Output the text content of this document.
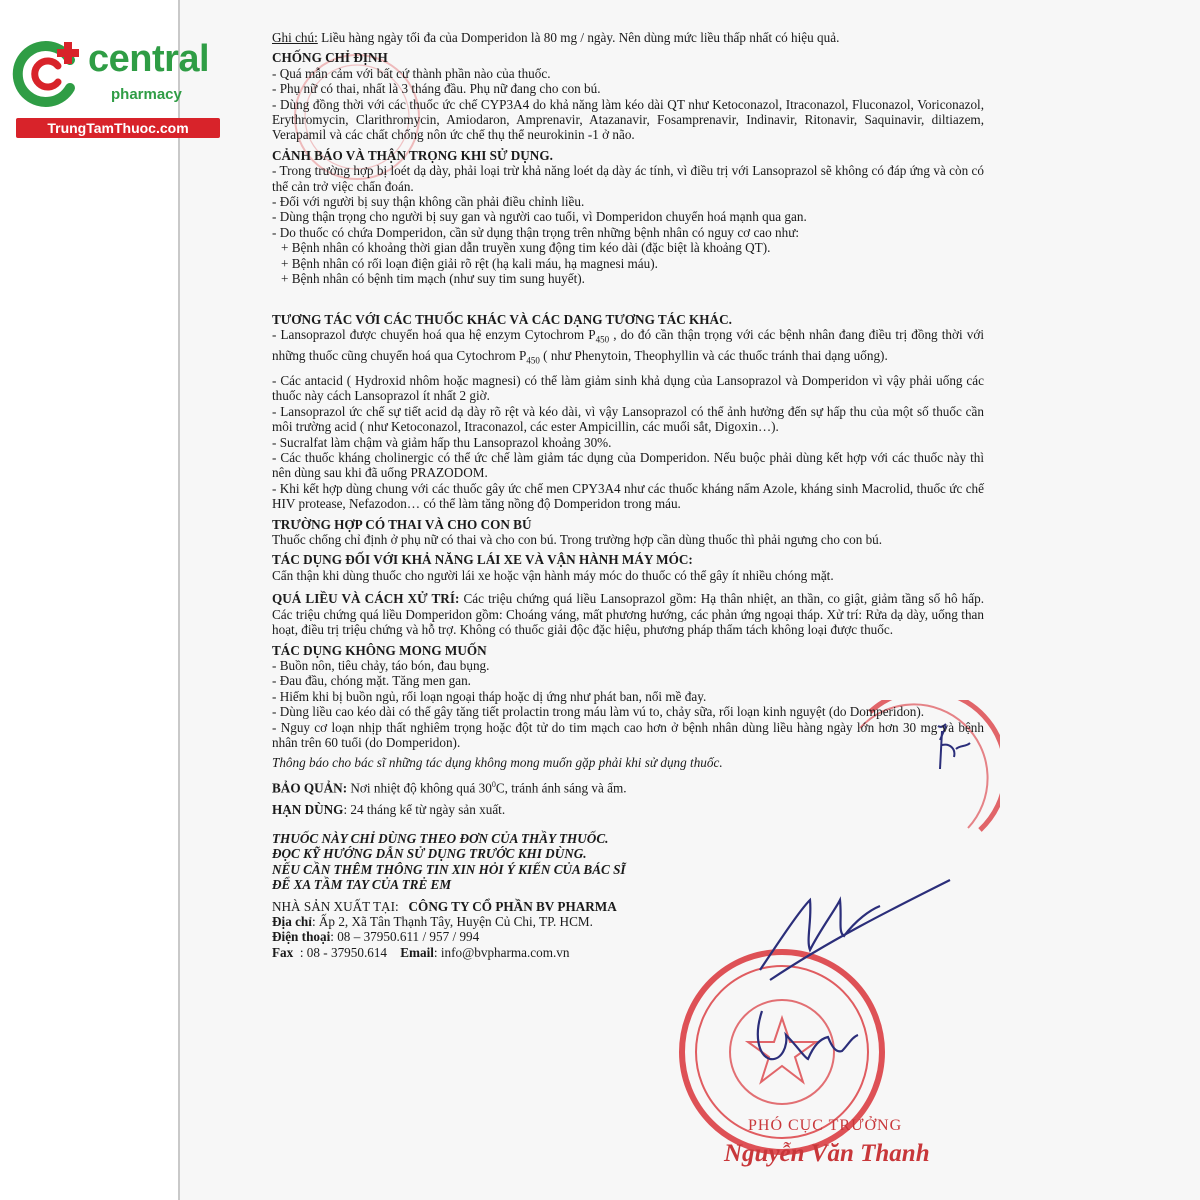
central
pharmacy
TrungTamThuoc.com
PHÓ CỤC TRƯỞNG
Nguyễn Văn Thanh

Ghi chú: Liều hàng ngày tối đa của Domperidon là 80 mg / ngày. Nên dùng mức liều thấp nhất có hiệu quả.

CHỐNG CHỈ ĐỊNH

- Quá mẫn cảm với bất cứ thành phần nào của thuốc.

- Phụ nữ có thai, nhất là 3 tháng đầu. Phụ nữ đang cho con bú.

- Dùng đồng thời với các thuốc ức chế CYP3A4 do khả năng làm kéo dài QT như Ketoconazol, Itraconazol, Fluconazol, Voriconazol, Erythromycin, Clarithromycin, Amiodaron, Amprenavir, Atazanavir, Fosamprenavir, Indinavir, Ritonavir, Saquinavir, diltiazem, Verapamil và các chất chống nôn ức chế thụ thể neurokinin -1 ở não.

CẢNH BÁO VÀ THẬN TRỌNG KHI SỬ DỤNG.

- Trong trường hợp bị loét dạ dày, phải loại trừ khả năng loét dạ dày ác tính, vì điều trị với Lansoprazol sẽ không có đáp ứng và còn có thể cản trở việc chẩn đoán.

- Đối với người bị suy thận không cần phải điều chỉnh liều.

- Dùng thận trọng cho người bị suy gan và người cao tuổi, vì Domperidon chuyển hoá mạnh qua gan.

- Do thuốc có chứa Domperidon, cần sử dụng thận trọng trên những bệnh nhân có nguy cơ cao như:

+ Bệnh nhân có khoảng thời gian dẫn truyền xung động tim kéo dài (đặc biệt là khoảng QT).

+ Bệnh nhân có rối loạn điện giải rõ rệt (hạ kali máu, hạ magnesi máu).

+ Bệnh nhân có bệnh tim mạch (như suy tim sung huyết).

TƯƠNG TÁC VỚI CÁC THUỐC KHÁC VÀ CÁC DẠNG TƯƠNG TÁC KHÁC.

- Lansoprazol được chuyển hoá qua hệ enzym Cytochrom $P_{450}$ , do đó cần thận trọng với các bệnh nhân đang điều trị đồng thời với những thuốc cũng chuyển hoá qua Cytochrom $P_{450}$ ( như Phenytoin, Theophyllin và các thuốc tránh thai dạng uống).

- Các antacid ( Hydroxid nhôm hoặc magnesi) có thể làm giảm sinh khả dụng của Lansoprazol và Domperidon vì vậy phải uống các thuốc này cách Lansoprazol ít nhất 2 giờ.

- Lansoprazol ức chế sự tiết acid dạ dày rõ rệt và kéo dài, vì vậy Lansoprazol có thể ảnh hưởng đến sự hấp thu của một số thuốc cần môi trường acid ( như Ketoconazol, Itraconazol, các ester Ampicillin, các muối sắt, Digoxin…).

- Sucralfat làm chậm và giảm hấp thu Lansoprazol khoảng 30%.

- Các thuốc kháng cholinergic có thể ức chế làm giảm tác dụng của Domperidon. Nếu buộc phải dùng kết hợp với các thuốc này thì nên dùng sau khi đã uống PRAZODOM.

- Khi kết hợp dùng chung với các thuốc gây ức chế men CPY3A4 như các thuốc kháng nấm Azole, kháng sinh Macrolid, thuốc ức chế HIV protease, Nefazodon… có thể làm tăng nồng độ Domperidon trong máu.

TRƯỜNG HỢP CÓ THAI VÀ CHO CON BÚ

Thuốc chống chỉ định ở phụ nữ có thai và cho con bú. Trong trường hợp cần dùng thuốc thì phải ngưng cho con bú.

TÁC DỤNG ĐỐI VỚI KHẢ NĂNG LÁI XE VÀ VẬN HÀNH MÁY MÓC:

Cẩn thận khi dùng thuốc cho người lái xe hoặc vận hành máy móc do thuốc có thể gây ít nhiều chóng mặt.

QUÁ LIỀU VÀ CÁCH XỬ TRÍ: Các triệu chứng quá liều Lansoprazol gồm: Hạ thân nhiệt, an thần, co giật, giảm tầng số hô hấp. Các triệu chứng quá liều Domperidon gồm: Choáng váng, mất phương hướng, các phản ứng ngoại tháp. Xử trí: Rửa dạ dày, uống than hoạt, điều trị triệu chứng và hỗ trợ. Không có thuốc giải độc đặc hiệu, phương pháp thẩm tách không loại được thuốc.

TÁC DỤNG KHÔNG MONG MUỐN

- Buồn nôn, tiêu chảy, táo bón, đau bụng.

- Đau đầu, chóng mặt. Tăng men gan.

- Hiếm khi bị buồn ngủ, rối loạn ngoại tháp hoặc dị ứng như phát ban, nổi mề đay.

- Dùng liều cao kéo dài có thể gây tăng tiết prolactin trong máu làm vú to, chảy sữa, rối loạn kinh nguyệt (do Domperidon).

- Nguy cơ loạn nhịp thất nghiêm trọng hoặc đột tử do tim mạch cao hơn ở bệnh nhân dùng liều hàng ngày lớn hơn 30 mg và bệnh nhân trên 60 tuổi (do Domperidon).

Thông báo cho bác sĩ những tác dụng không mong muốn gặp phải khi sử dụng thuốc.

BẢO QUẢN: Nơi nhiệt độ không quá $30^0C$, tránh ánh sáng và ẩm.

HẠN DÙNG: 24 tháng kể từ ngày sản xuất.

THUỐC NÀY CHỈ DÙNG THEO ĐƠN CỦA THẦY THUỐC.

ĐỌC KỸ HƯỚNG DẪN SỬ DỤNG TRƯỚC KHI DÙNG.

NẾU CẦN THÊM THÔNG TIN XIN HỎI Ý KIẾN CỦA BÁC SĨ

ĐỂ XA TẦM TAY CỦA TRẺ EM

NHÀ SẢN XUẤT TẠI: CÔNG TY CỔ PHẦN BV PHARMA

Địa chỉ: Ấp 2, Xã Tân Thạnh Tây, Huyện Củ Chi, TP. HCM.

Điện thoại: 08 – 37950.611 / 957 / 994

Fax : 08 - 37950.614 Email: info@bvpharma.com.vn
